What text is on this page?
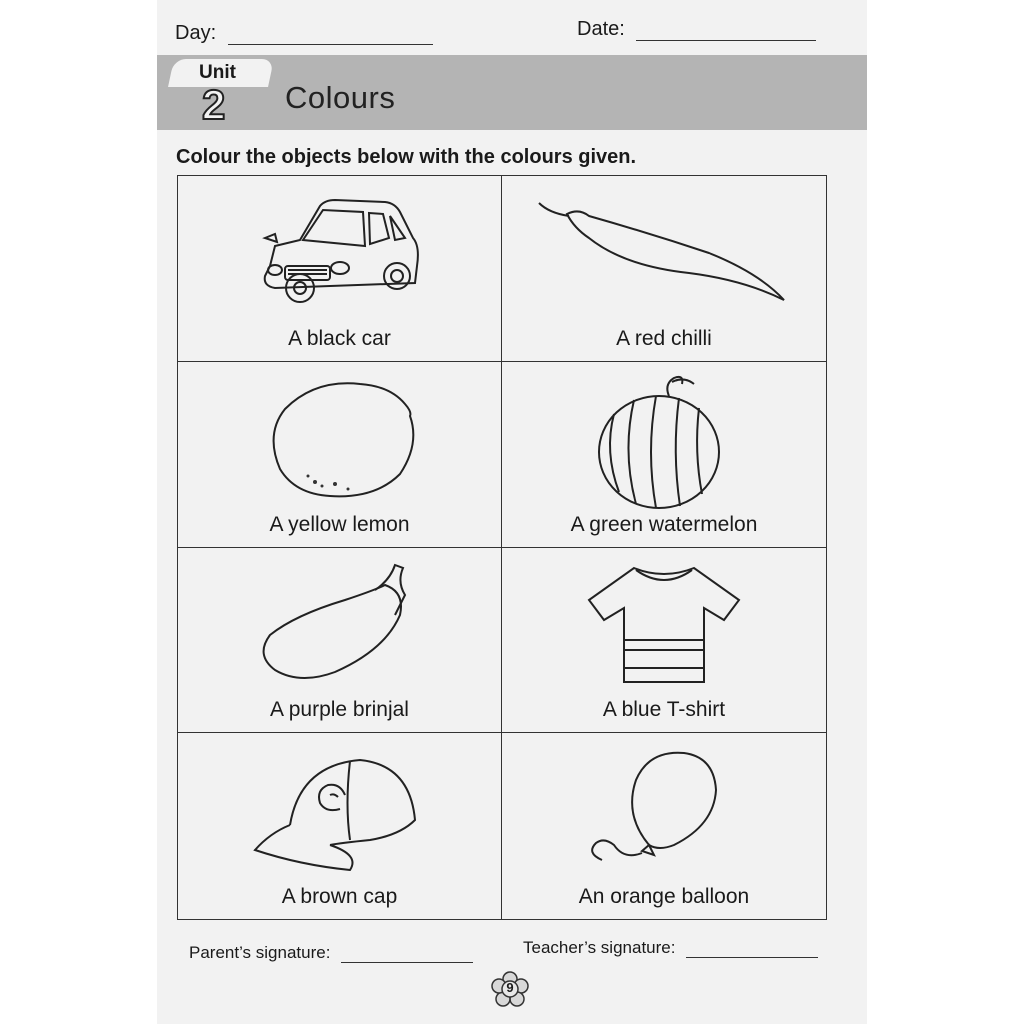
Day:	Date:
Unit
2 Colours
Colour the objects below with the colours given.
A black car	A red chilli
A yellow lemon	A green watermelon
A purple brinjal	A blue T-shirt
A brown cap	An orange balloon
Parent’s signature:	Teacher’s signature:
9
